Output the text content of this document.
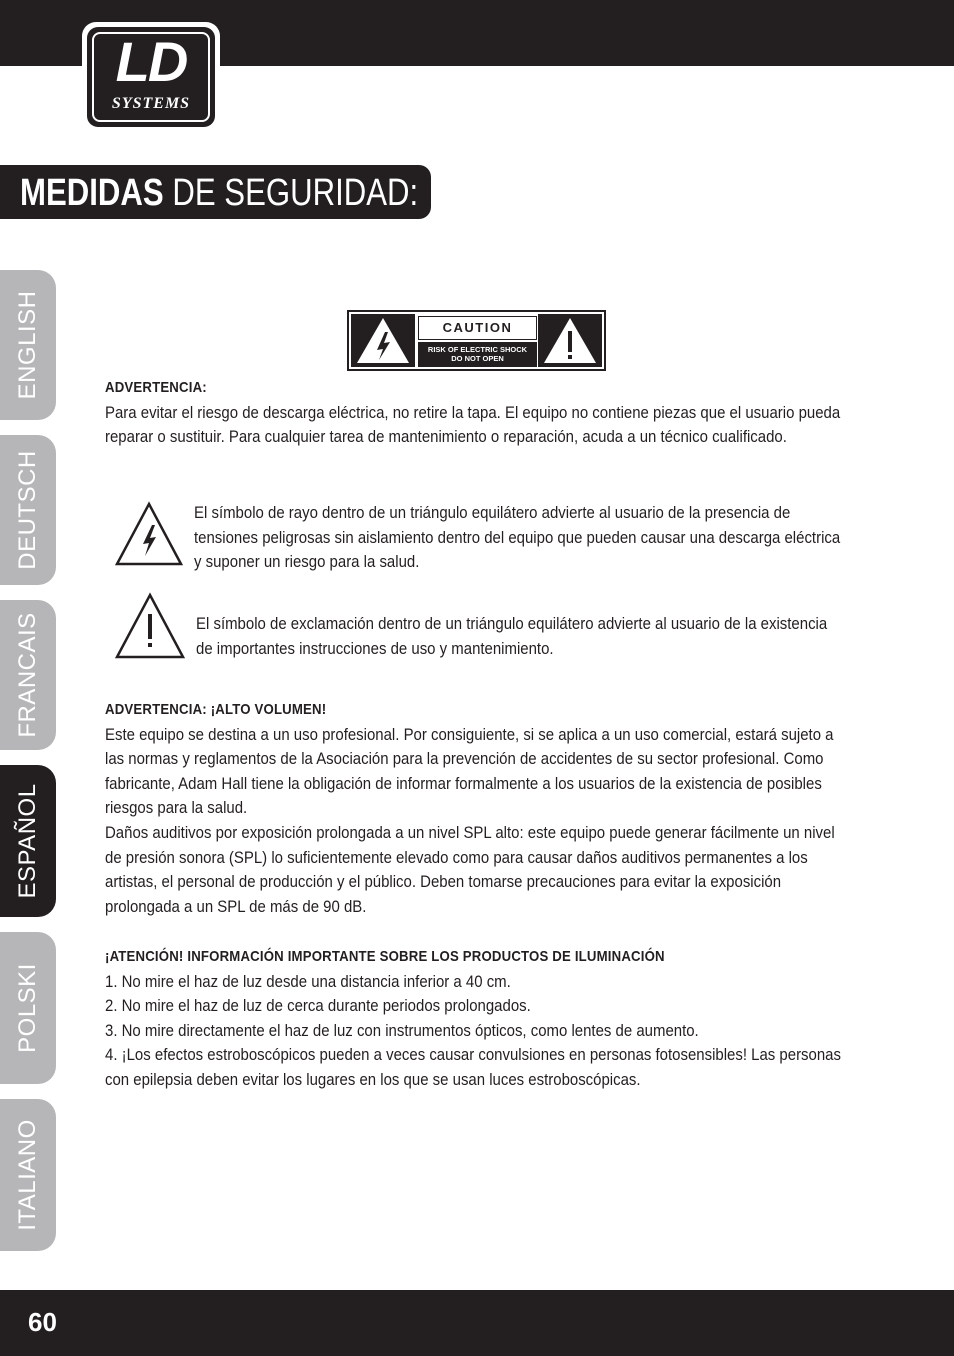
LD
SYSTEMS
MEDIDAS DE SEGURIDAD:
ENGLISH
DEUTSCH
FRANCAIS
ESPAÑOL
POLSKI
ITALIANO
CAUTION
RISK OF ELECTRIC SHOCK
DO NOT OPEN

ADVERTENCIA:

Para evitar el riesgo de descarga eléctrica, no retire la tapa. El equipo no contiene piezas que el usuario pueda reparar o sustituir. Para cualquier tarea de mantenimiento o reparación, acuda a un técnico cualificado.

El símbolo de rayo dentro de un triángulo equilátero advierte al usuario de la presencia de tensiones peligrosas sin aislamiento dentro del equipo que pueden causar una descarga eléctrica y suponer un riesgo para la salud.

El símbolo de exclamación dentro de un triángulo equilátero advierte al usuario de la existencia de importantes instrucciones de uso y mantenimiento.

ADVERTENCIA: ¡ALTO VOLUMEN!

Este equipo se destina a un uso profesional. Por consiguiente, si se aplica a un uso comercial, estará sujeto a las normas y reglamentos de la Asociación para la prevención de accidentes de su sector profesional. Como fabricante, Adam Hall tiene la obligación de informar formalmente a los usuarios de la existencia de posibles riesgos para la salud.

Daños auditivos por exposición prolongada a un nivel SPL alto: este equipo puede generar fácilmente un nivel de presión sonora (SPL) lo suficientemente elevado como para causar daños auditivos permanentes a los artistas, el personal de producción y el público. Deben tomarse precauciones para evitar la exposición prolongada a un SPL de más de 90 dB.

¡ATENCIÓN! INFORMACIÓN IMPORTANTE SOBRE LOS PRODUCTOS DE ILUMINACIÓN

1. No mire el haz de luz desde una distancia inferior a 40 cm.

2. No mire el haz de luz de cerca durante periodos prolongados.

3. No mire directamente el haz de luz con instrumentos ópticos, como lentes de aumento.

4. ¡Los efectos estroboscópicos pueden a veces causar convulsiones en personas fotosensibles! Las personas con epilepsia deben evitar los lugares en los que se usan luces estroboscópicas.

60
